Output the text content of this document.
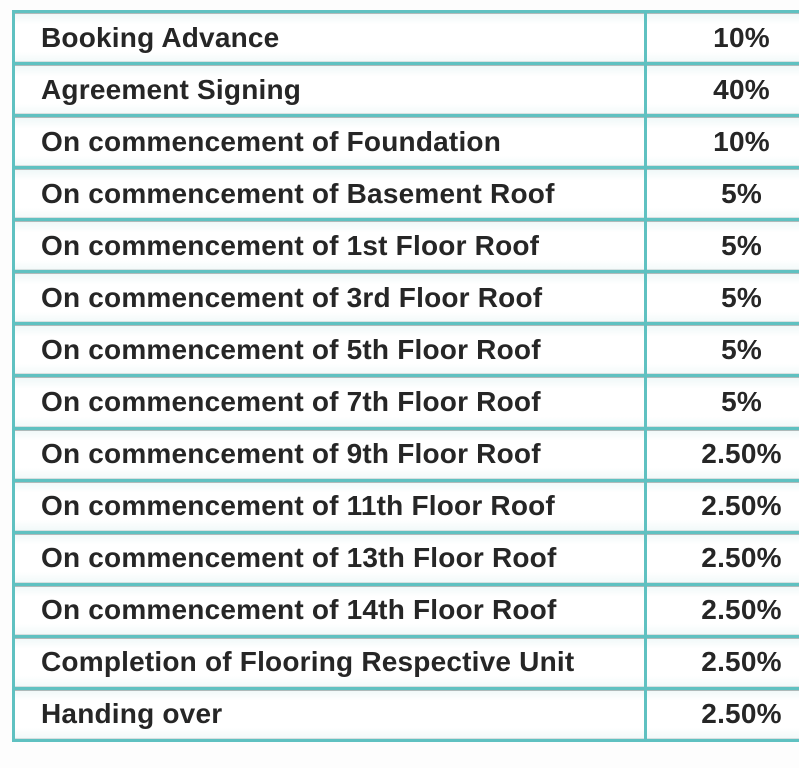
Booking Advance	10%
Agreement Signing	40%
On commencement of Foundation	10%
On commencement of Basement Roof	5%
On commencement of 1st Floor Roof	5%
On commencement of 3rd Floor Roof	5%
On commencement of 5th Floor Roof	5%
On commencement of 7th Floor Roof	5%
On commencement of 9th Floor Roof	2.50%
On commencement of 11th Floor Roof	2.50%
On commencement of 13th Floor Roof	2.50%
On commencement of 14th Floor Roof	2.50%
Completion of Flooring Respective Unit	2.50%
Handing over	2.50%
